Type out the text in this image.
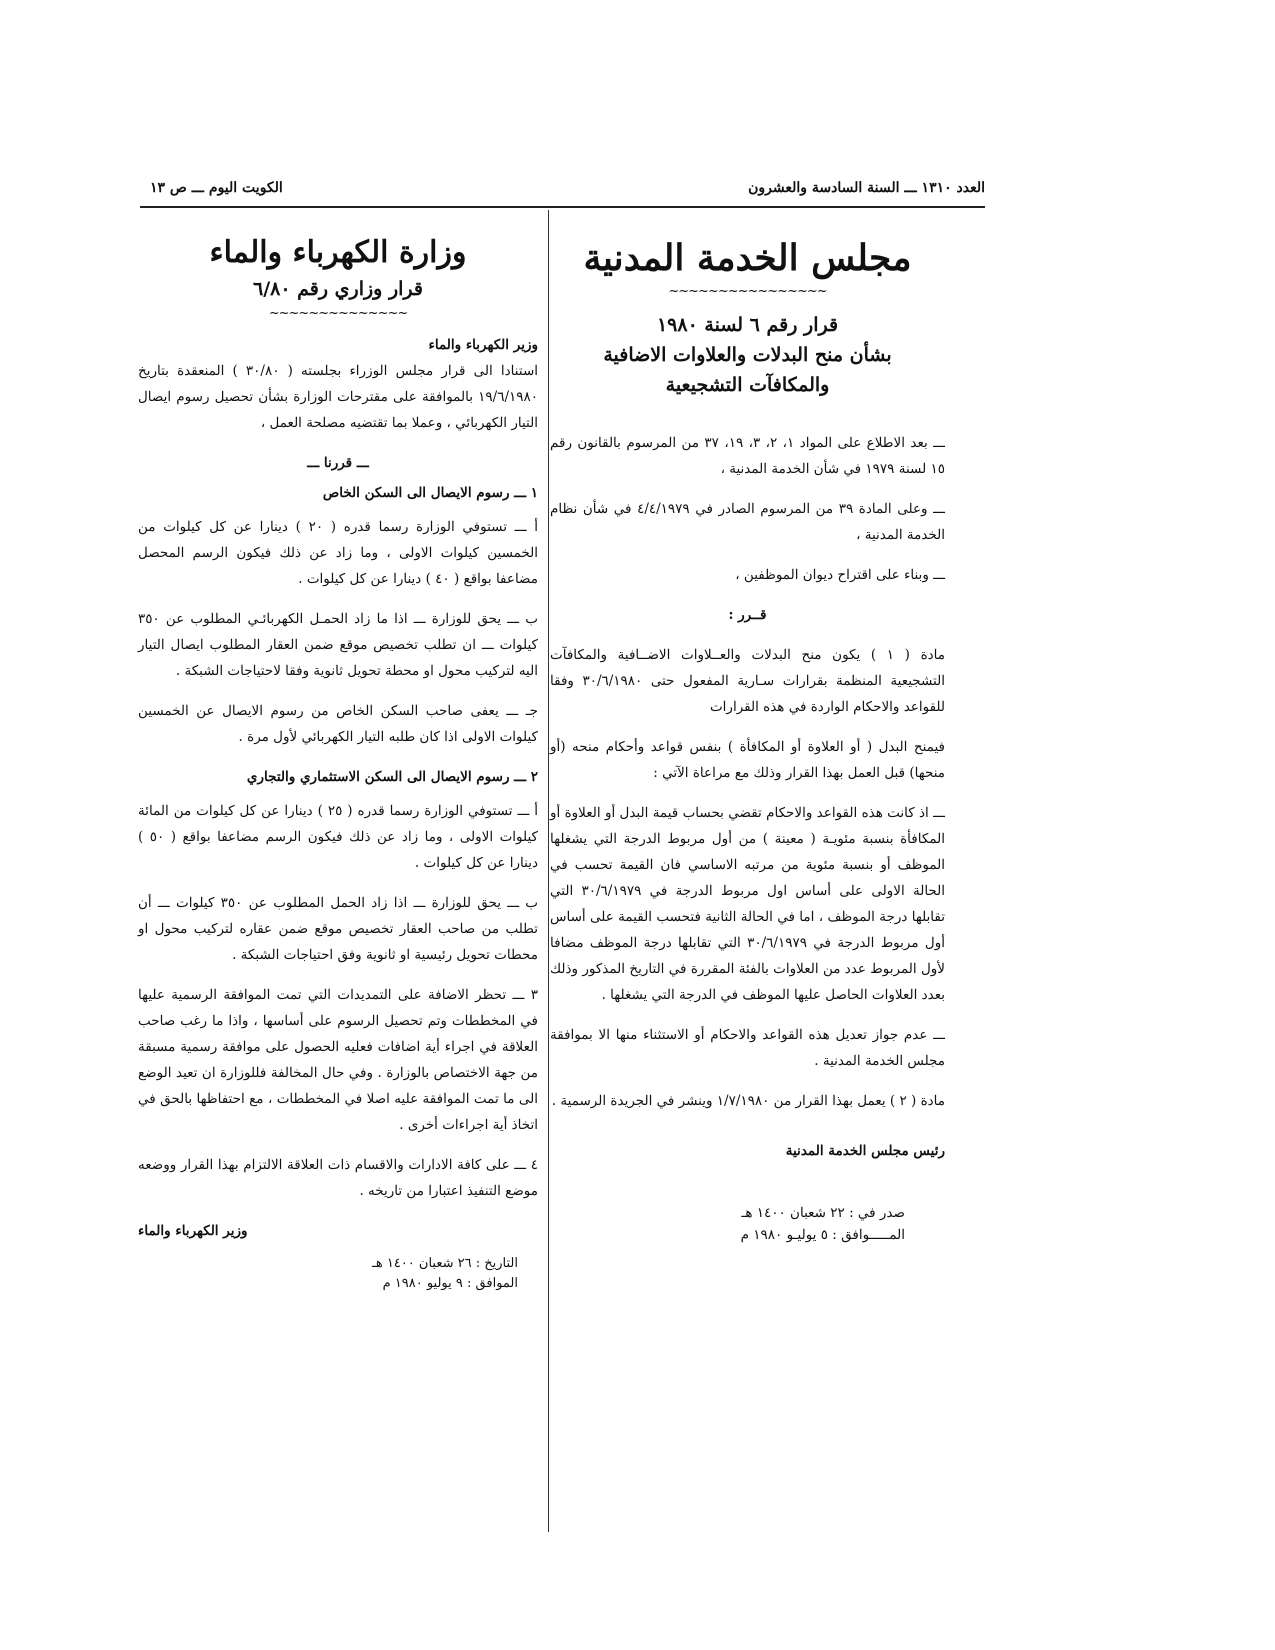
العدد ١٣١٠ ـــ السنة السادسة والعشرون
الكويت اليوم ـــ ص ١٣
مجلس الخدمة المدنية
~~~~~~~~~~~~~~~~
قرار رقم ٦ لسنة ١٩٨٠
بشأن منح البدلات والعلاوات الاضافية
والمكافآت التشجيعية

ـــ بعد الاطلاع على المواد ١، ٢، ٣، ١٩، ٣٧ من المرسوم بالقانون رقم ١٥ لسنة ١٩٧٩ في شأن الخدمة المدنية ،

ـــ وعلى المادة ٣٩ من المرسوم الصادر في ٤/٤/١٩٧٩ في شأن نظام الخدمة المدنية ،

ـــ وبناء على اقتراح ديوان الموظفين ،

قــرر :

مادة ( ١ ) يكون منح البدلات والعــلاوات الاضــافية والمكافآت التشجيعية المنظمة بقرارات سـارية المفعول حتى ٣٠/٦/١٩٨٠ وفقا للقواعد والاحكام الواردة في هذه القرارات

فيمنح البدل ( أو العلاوة أو المكافأة ) بنفس قواعد وأحكام منحه (أو منحها) قبل العمل بهذا القرار وذلك مع مراعاة الآتي :

ـــ اذ كانت هذه القواعد والاحكام تقضي بحساب قيمة البدل أو العلاوة أو المكافأة بنسبة مئويـة ( معينة ) من أول مربوط الدرجة التي يشغلها الموظف أو بنسبة مئوية من مرتبه الاساسي فان القيمة تحسب في الحالة الاولى على أساس اول مربوط الدرجة في ٣٠/٦/١٩٧٩ التي تقابلها درجة الموظف ، اما في الحالة الثانية فتحسب القيمة على أساس أول مربوط الدرجة في ٣٠/٦/١٩٧٩ التي تقابلها درجة الموظف مضافا لأول المربوط عدد من العلاوات بالفئة المقررة في التاريخ المذكور وذلك بعدد العلاوات الحاصل عليها الموظف في الدرجة التي يشغلها .

ـــ عدم جواز تعديل هذه القواعد والاحكام أو الاستثناء منها الا بموافقة مجلس الخدمة المدنية .

مادة ( ٢ ) يعمل بهذا القرار من ١/٧/١٩٨٠ وينشر في الجريدة الرسمية .

رئيس مجلس الخدمة المدنية
صدر في : ٢٢ شعبان ١٤٠٠ هـ
المـــــوافق : ٥ يوليـو ١٩٨٠ م
وزارة الكهرباء والماء
قرار وزاري رقم ٦/٨٠
~~~~~~~~~~~~~~
وزير الكهرباء والماء

استنادا الى قرار مجلس الوزراء بجلسته ( ٣٠/٨٠ ) المنعقدة بتاريخ ١٩/٦/١٩٨٠ بالموافقة على مقترحات الوزارة بشأن تحصيل رسوم ايصال التيار الكهربائي ، وعملا بما تقتضيه مصلحة العمل ،

ـــ قررنا ـــ

١ ـــ رسوم الايصال الى السكن الخاص

أ ـــ تستوفي الوزارة رسما قدره ( ٢٠ ) دينارا عن كل كيلوات من الخمسين كيلوات الاولى ، وما زاد عن ذلك فيكون الرسم المحصل مضاعفا بواقع ( ٤٠ ) دينارا عن كل كيلوات .

ب ـــ يحق للوزارة ـــ اذا ما زاد الحمـل الكهربائـي المطلوب عن ٣٥٠ كيلوات ـــ ان تطلب تخصيص موقع ضمن العقار المطلوب ايصال التيار اليه لتركيب محول او محطة تحويل ثانوية وفقا لاحتياجات الشبكة .

جـ ـــ يعفى صاحب السكن الخاص من رسوم الايصال عن الخمسين كيلوات الاولى اذا كان طلبه التيار الكهربائي لأول مرة .

٢ ـــ رسوم الايصال الى السكن الاستثماري والتجاري

أ ـــ تستوفي الوزارة رسما قدره ( ٢٥ ) دينارا عن كل كيلوات من المائة كيلوات الاولى ، وما زاد عن ذلك فيكون الرسم مضاعفا بواقع ( ٥٠ ) دينارا عن كل كيلوات .

ب ـــ يحق للوزارة ـــ اذا زاد الحمل المطلوب عن ٣٥٠ كيلوات ـــ أن تطلب من صاحب العقار تخصيص موقع ضمن عقاره لتركيب محول او محطات تحويل رئيسية او ثانوية وفق احتياجات الشبكة .

٣ ـــ تحظر الاضافة على التمديدات التي تمت الموافقة الرسمية عليها في المخططات وتم تحصيل الرسوم على أساسها ، واذا ما رغب صاحب العلاقة في اجراء أية اضافات فعليه الحصول على موافقة رسمية مسبقة من جهة الاختصاص بالوزارة . وفي حال المخالفة فللوزارة ان تعيد الوضع الى ما تمت الموافقة عليه اصلا في المخططات ، مع احتفاظها بالحق في اتخاذ أية اجراءات أخرى .

٤ ـــ على كافة الادارات والاقسام ذات العلاقة الالتزام بهذا القرار ووضعه موضع التنفيذ اعتبارا من تاريخه .

وزير الكهرباء والماء
التاريخ : ٢٦ شعبان ١٤٠٠ هـ
الموافق : ٩ يوليو ١٩٨٠ م
